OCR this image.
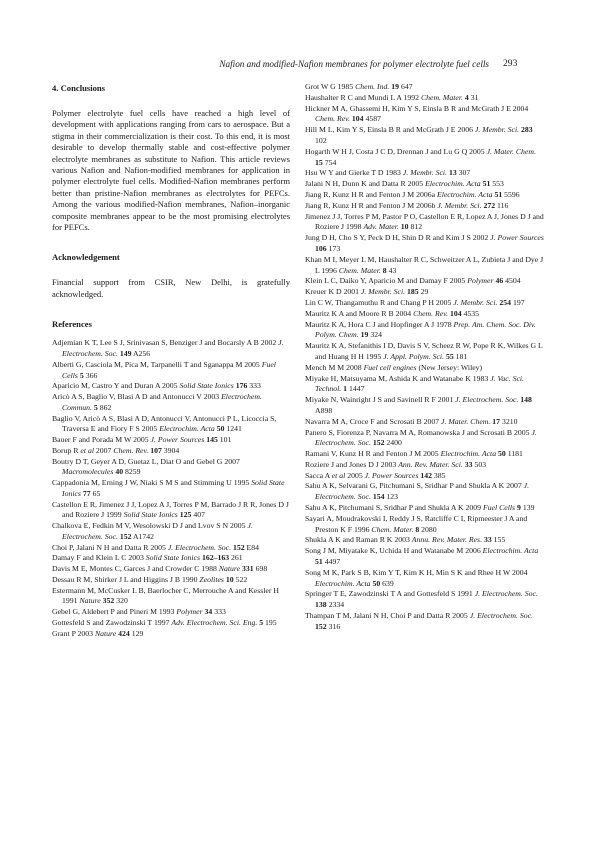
Nafion and modified-Nafion membranes for polymer electrolyte fuel cells 293

4. Conclusions

Polymer electrolyte fuel cells have reached a high level of development with applications ranging from cars to aerospace. But a stigma in their commercialization is their cost. To this end, it is most desirable to develop thermally stable and cost-effective polymer electrolyte membranes as substitute to Nafion. This article reviews various Nafion and Nafion-modified membranes for application in polymer electrolyte fuel cells. Modified-Nafion membranes perform better than pristine-Nafion membranes as electrolytes for PEFCs. Among the various modified-Nafion membranes, Nafion–inorganic composite membranes appear to be the most promising electrolytes for PEFCs.

Acknowledgement

Financial support from CSIR, New Delhi, is gratefully acknowledged.

References

Adjemian K T, Lee S J, Srinivasan S, Benziger J and Bocarsly A B 2002 J. Electrochem. Soc. 149 A256

Alberti G, Casciola M, Pica M, Tarpanelli T and Sganappa M 2005 Fuel Cells 5 366

Aparicio M, Castro Y and Duran A 2005 Solid State Ionics 176 333

Aricò A S, Baglio V, Blasi A D and Antonucci V 2003 Electrochem. Commun. 5 862

Baglio V, Aricò A S, Blasi A D, Antonucci V, Antonucci P L, Licoccia S, Traversa E and Fiory F S 2005 Electrochim. Acta 50 1241

Bauer F and Porada M W 2005 J. Power Sources 145 101

Borup R et al 2007 Chem. Rev. 107 3904

Boutry D T, Geyer A D, Guetaz L, Diat O and Gebel G 2007 Macromolecules 40 8259

Cappadonia M, Erning J W, Niaki S M S and Stimming U 1995 Solid State Ionics 77 65

Castellon E R, Jimenez J J, Lopez A J, Torres P M, Barrado J R R, Jones D J and Roziere J 1999 Solid State Ionics 125 407

Chalkova E, Fedkin M V, Wesolowski D J and Lvov S N 2005 J. Electrochem. Soc. 152 A1742

Choi P, Jalani N H and Datta R 2005 J. Electrochem. Soc. 152 E84

Damay F and Klein L C 2003 Solid State Ionics 162–163 261

Davis M E, Montes C, Garces J and Crowder C 1988 Nature 331 698

Dessau R M, Shirker J L and Higgins J B 1990 Zeolites 10 522

Estermann M, McCusker L B, Baerlocher C, Merrouche A and Kessler H 1991 Nature 352 320

Gebel G, Aldebert P and Pineri M 1993 Polymer 34 333

Gottesfeld S and Zawodzinski T 1997 Adv. Electrochem. Sci. Eng. 5 195

Grant P 2003 Nature 424 129

Grot W G 1985 Chem. Ind. 19 647

Haushalter R C and Mundi L A 1992 Chem. Mater. 4 31

Hickner M A, Ghassemi H, Kim Y S, Einsla B R and McGrath J E 2004 Chem. Rev. 104 4587

Hill M L, Kim Y S, Einsla B R and McGrath J E 2006 J. Membr. Sci. 283 102

Hogarth W H J, Costa J C D, Drennan J and Lu G Q 2005 J. Mater. Chem. 15 754

Hsu W Y and Gierke T D 1983 J. Membr. Sci. 13 307

Jalani N H, Dunn K and Datta R 2005 Electrochim. Acta 51 553

Jiang R, Kunz H R and Fenton J M 2006a Electrochim. Acta 51 5596

Jiang R, Kunz H R and Fenton J M 2006b J. Membr. Sci. 272 116

Jimenez J J, Torres P M, Pastor P O, Castellon E R, Lopez A J, Jones D J and Roziere J 1998 Adv. Mater. 10 812

Jung D H, Cho S Y, Peck D H, Shin D R and Kim J S 2002 J. Power Sources 106 173

Khan M I, Meyer L M, Haushalter R C, Schweitzer A L, Zubieta J and Dye J L 1996 Chem. Mater. 8 43

Klein L C, Daiko Y, Aparicio M and Damay F 2005 Polymer 46 4504

Kreuer K D 2001 J. Membr. Sci. 185 29

Lin C W, Thangamuthu R and Chang P H 2005 J. Membr. Sci. 254 197

Mauritz K A and Moore R B 2004 Chem. Rev. 104 4535

Mauritz K A, Hora C J and Hopfinger A J 1978 Prep. Am. Chem. Soc. Div. Polym. Chem. 19 324

Mauritz K A, Stefanithis I D, Davis S V, Scheez R W, Pope R K, Wilkes G L and Huang H H 1995 J. Appl. Polym. Sci. 55 181

Mench M M 2008 Fuel cell engines (New Jersey: Wiley)

Miyake H, Matsuyama M, Ashida K and Watanabe K 1983 J. Vac. Sci. Technol. 1 1447

Miyake N, Wainright J S and Savinell R F 2001 J. Electrochem. Soc. 148 A898

Navarra M A, Croce F and Scrosati B 2007 J. Mater. Chem. 17 3210

Panero S, Fiorenza P, Navarra M A, Romanowska J and Scrosati B 2005 J. Electrochem. Soc. 152 2400

Ramani V, Kunz H R and Fenton J M 2005 Electrochim. Acta 50 1181

Roziere J and Jones D J 2003 Ann. Rev. Mater. Sci. 33 503

Sacca A et al 2005 J. Power Sources 142 385

Sahu A K, Selvarani G, Pitchumani S, Sridhar P and Shukla A K 2007 J. Electrochem. Soc. 154 123

Sahu A K, Pitchumani S, Sridhar P and Shukla A K 2009 Fuel Cells 9 139

Sayari A, Moudrakovski I, Reddy J S, Ratcliffe C I, Ripmeester J A and Preston K F 1996 Chem. Mater. 8 2080

Shukla A K and Raman R K 2003 Annu. Rev. Mater. Res. 33 155

Song J M, Miyatake K, Uchida H and Watanabe M 2006 Electrochim. Acta 51 4497

Song M K, Park S B, Kim Y T, Kim K H, Min S K and Rhee H W 2004 Electrochim. Acta 50 639

Springer T E, Zawodzinski T A and Gottesfeld S 1991 J. Electrochem. Soc. 138 2334

Thampan T M, Jalani N H, Choi P and Datta R 2005 J. Electrochem. Soc. 152 316
